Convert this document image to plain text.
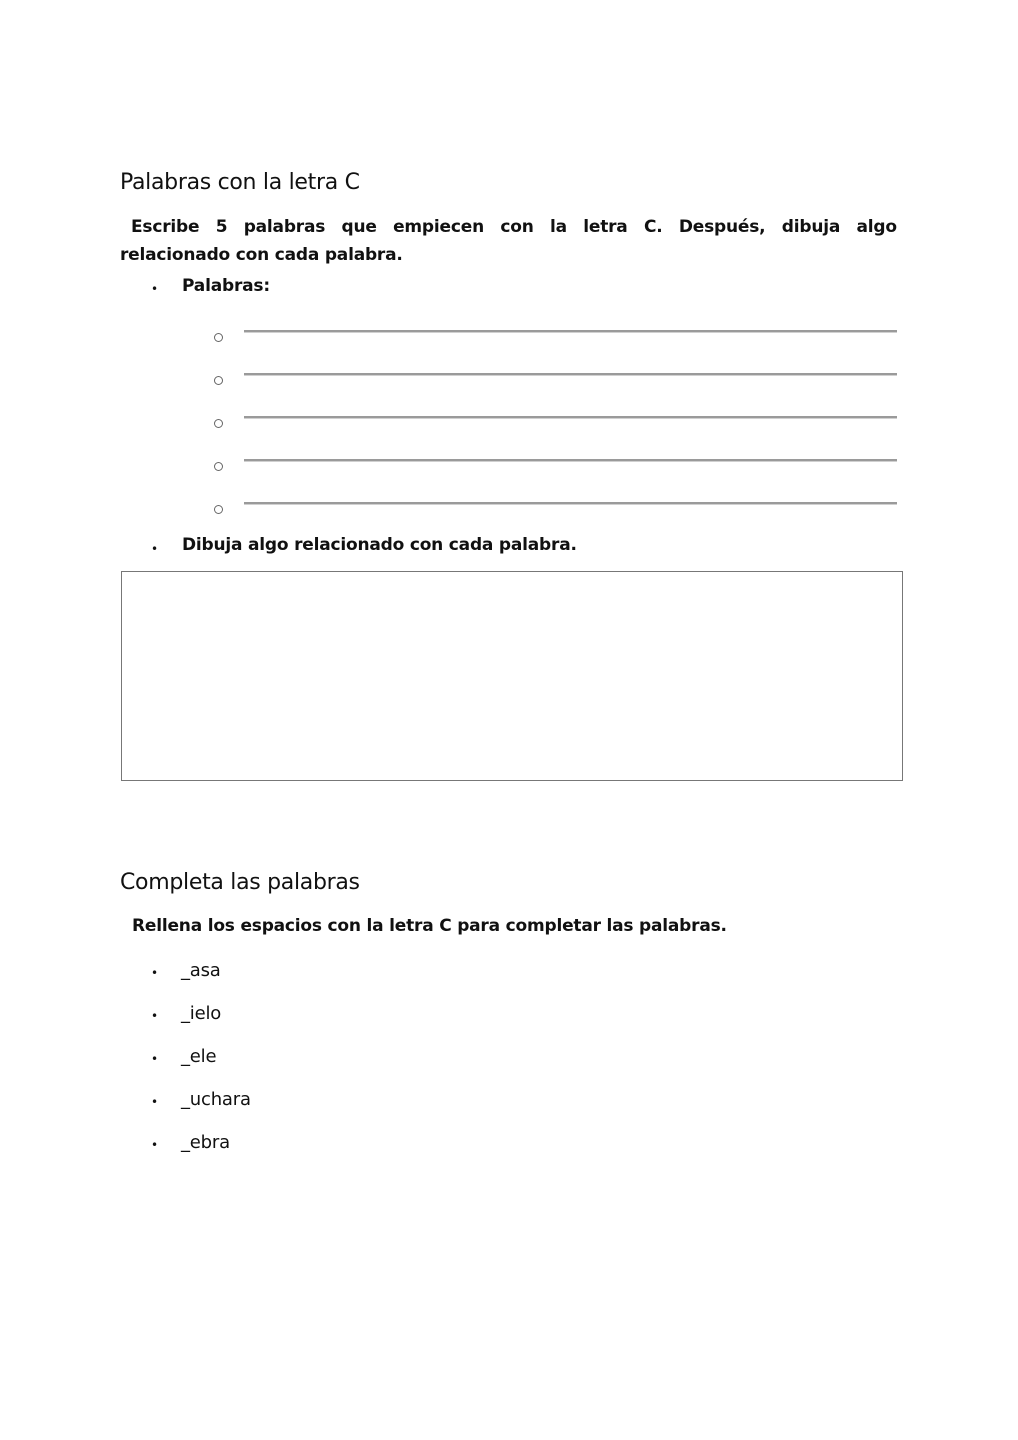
Palabras con la letra C
Escribe 5 palabras que empiecen con la letra C. Después, dibuja algo
relacionado con cada palabra.
• Palabras:
• Dibuja algo relacionado con cada palabra.
Completa las palabras
Rellena los espacios con la letra C para completar las palabras.
• _asa
• _ielo
• _ele
• _uchara
• _ebra
